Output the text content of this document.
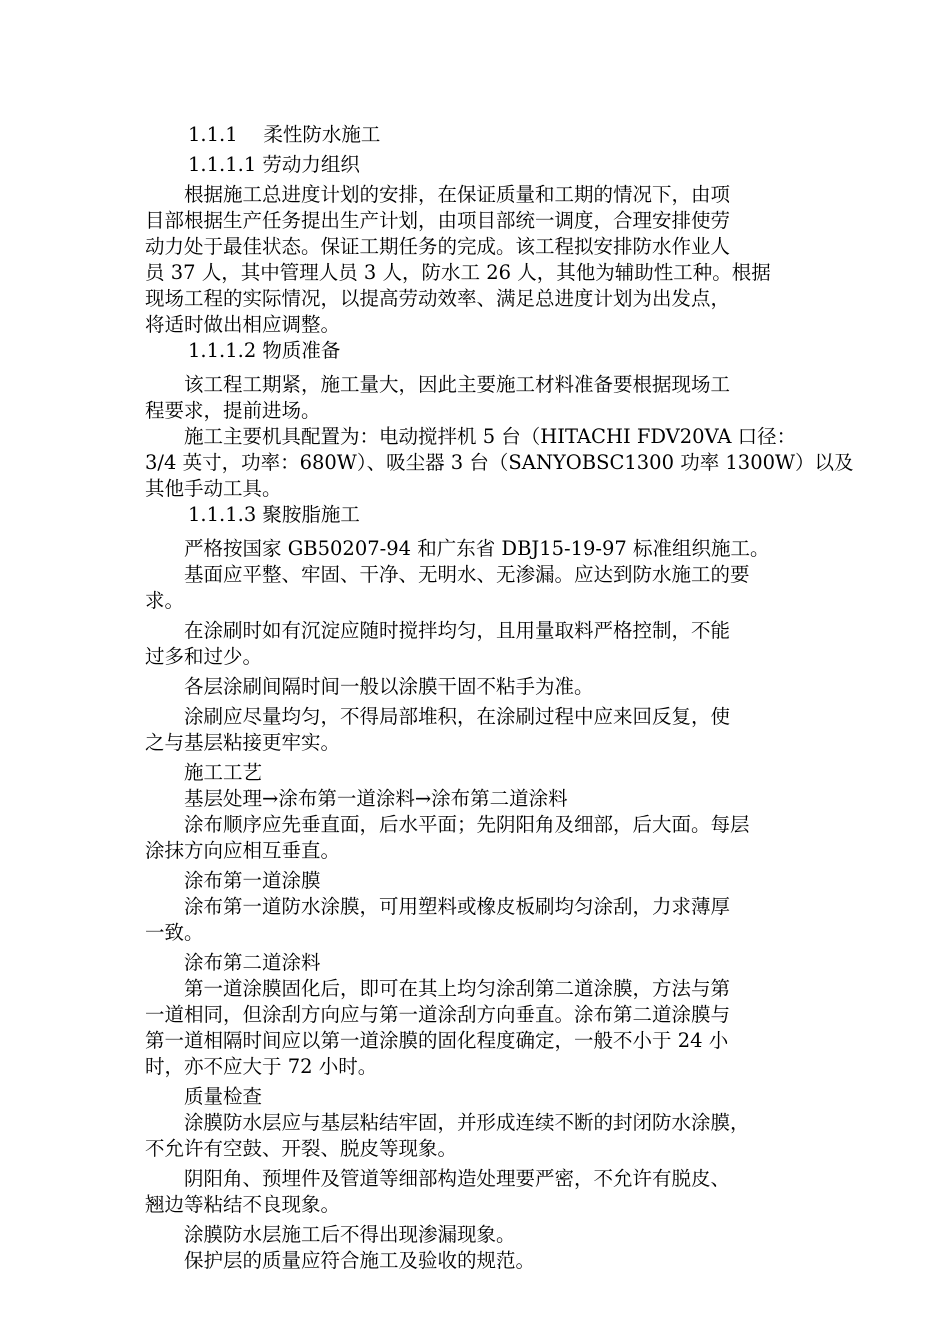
1.1.1　 柔性防水施工
1.1.1.1 劳动力组织
　　根据施工总进度计划的安排，在保证质量和工期的情况下，由项
目部根据生产任务提出生产计划，由项目部统一调度，合理安排使劳
动力处于最佳状态。保证工期任务的完成。该工程拟安排防水作业人
员 37 人，其中管理人员 3 人，防水工 26 人，其他为辅助性工种。根据
现场工程的实际情况，以提高劳动效率、满足总进度计划为出发点，
将适时做出相应调整。
1.1.1.2 物质准备
　　该工程工期紧，施工量大，因此主要施工材料准备要根据现场工
程要求，提前进场。
　　施工主要机具配置为：电动搅拌机 5 台（HITACHI FDV20VA 口径：
3/4 英寸，功率：680W）、吸尘器 3 台（SANYOBSC1300 功率 1300W）以及
其他手动工具。
1.1.1.3 聚胺脂施工
　　严格按国家 GB50207-94 和广东省 DBJ15-19-97 标准组织施工。
　　基面应平整、牢固、干净、无明水、无渗漏。应达到防水施工的要
求。
　　在涂刷时如有沉淀应随时搅拌均匀，且用量取料严格控制，不能
过多和过少。
　　各层涂刷间隔时间一般以涂膜干固不粘手为准。
　　涂刷应尽量均匀，不得局部堆积，在涂刷过程中应来回反复，使
之与基层粘接更牢实。
　　施工工艺
　　基层处理→涂布第一道涂料→涂布第二道涂料
　　涂布顺序应先垂直面，后水平面；先阴阳角及细部，后大面。每层
涂抹方向应相互垂直。
　　涂布第一道涂膜
　　涂布第一道防水涂膜，可用塑料或橡皮板刷均匀涂刮，力求薄厚
一致。
　　涂布第二道涂料
　　第一道涂膜固化后，即可在其上均匀涂刮第二道涂膜，方法与第
一道相同，但涂刮方向应与第一道涂刮方向垂直。涂布第二道涂膜与
第一道相隔时间应以第一道涂膜的固化程度确定，一般不小于 24 小
时，亦不应大于 72 小时。
　　质量检查
　　涂膜防水层应与基层粘结牢固，并形成连续不断的封闭防水涂膜，
不允许有空鼓、开裂、脱皮等现象。
　　阴阳角、预埋件及管道等细部构造处理要严密，不允许有脱皮、
翘边等粘结不良现象。
　　涂膜防水层施工后不得出现渗漏现象。
　　保护层的质量应符合施工及验收的规范。
